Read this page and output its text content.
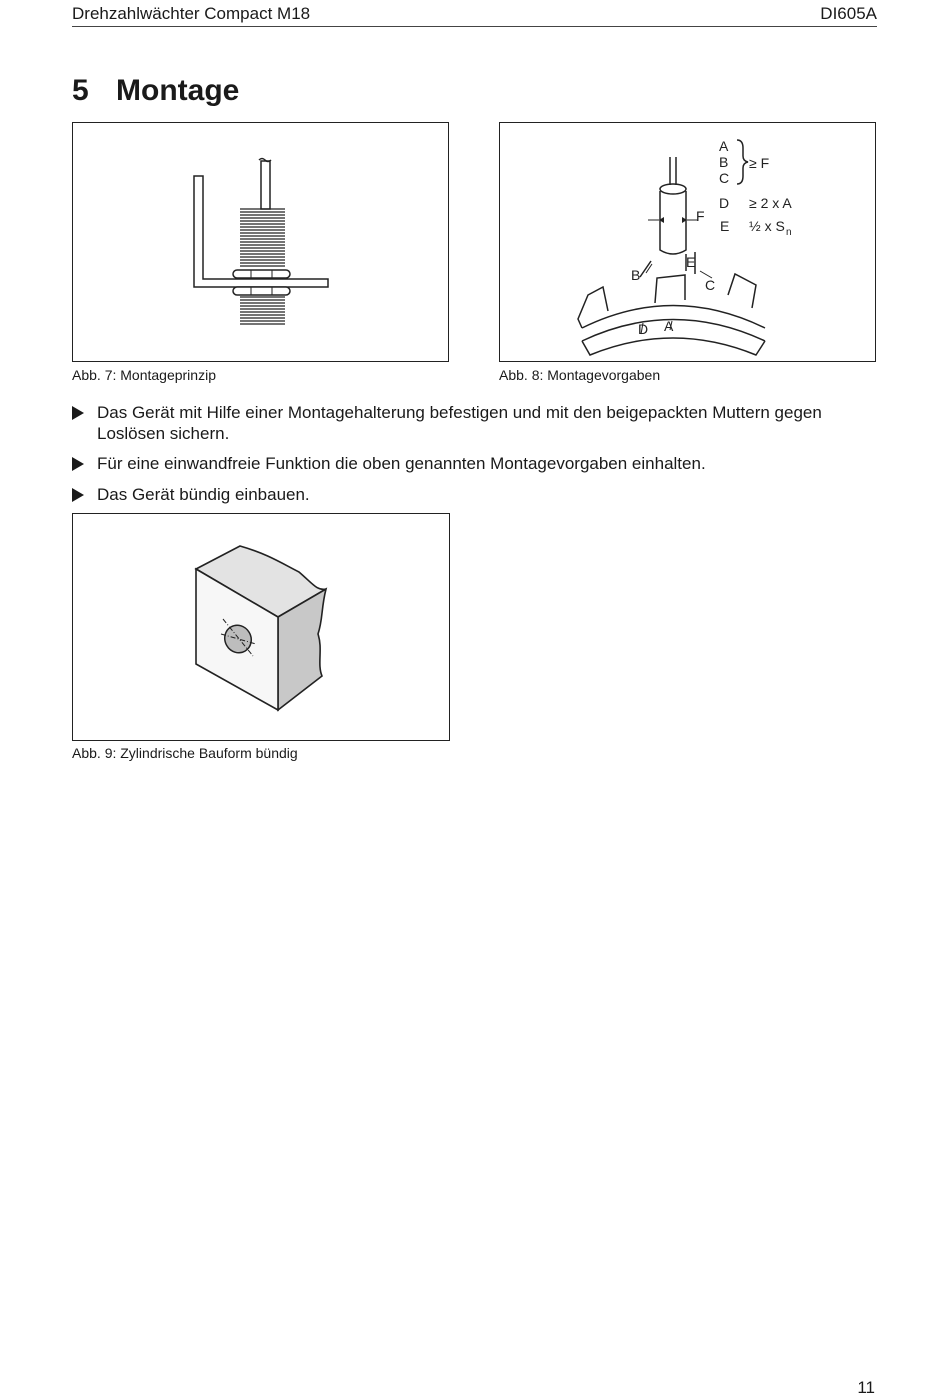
Drehzahlwächter Compact M18	DI605A
5 Montage
Abb. 7: Montageprinzip
A
B
C
≥ F
D ≥ 2 x A
E ½ x S n
F
E
B
C
D A
Abb. 8: Montagevorgaben
Das Gerät mit Hilfe einer Montagehalterung befestigen und mit den beigepackten Muttern gegen
Loslösen sichern.
Für eine einwandfreie Funktion die oben genannten Montagevorgaben einhalten.
Das Gerät bündig einbauen.
Abb. 9: Zylindrische Bauform bündig
11
